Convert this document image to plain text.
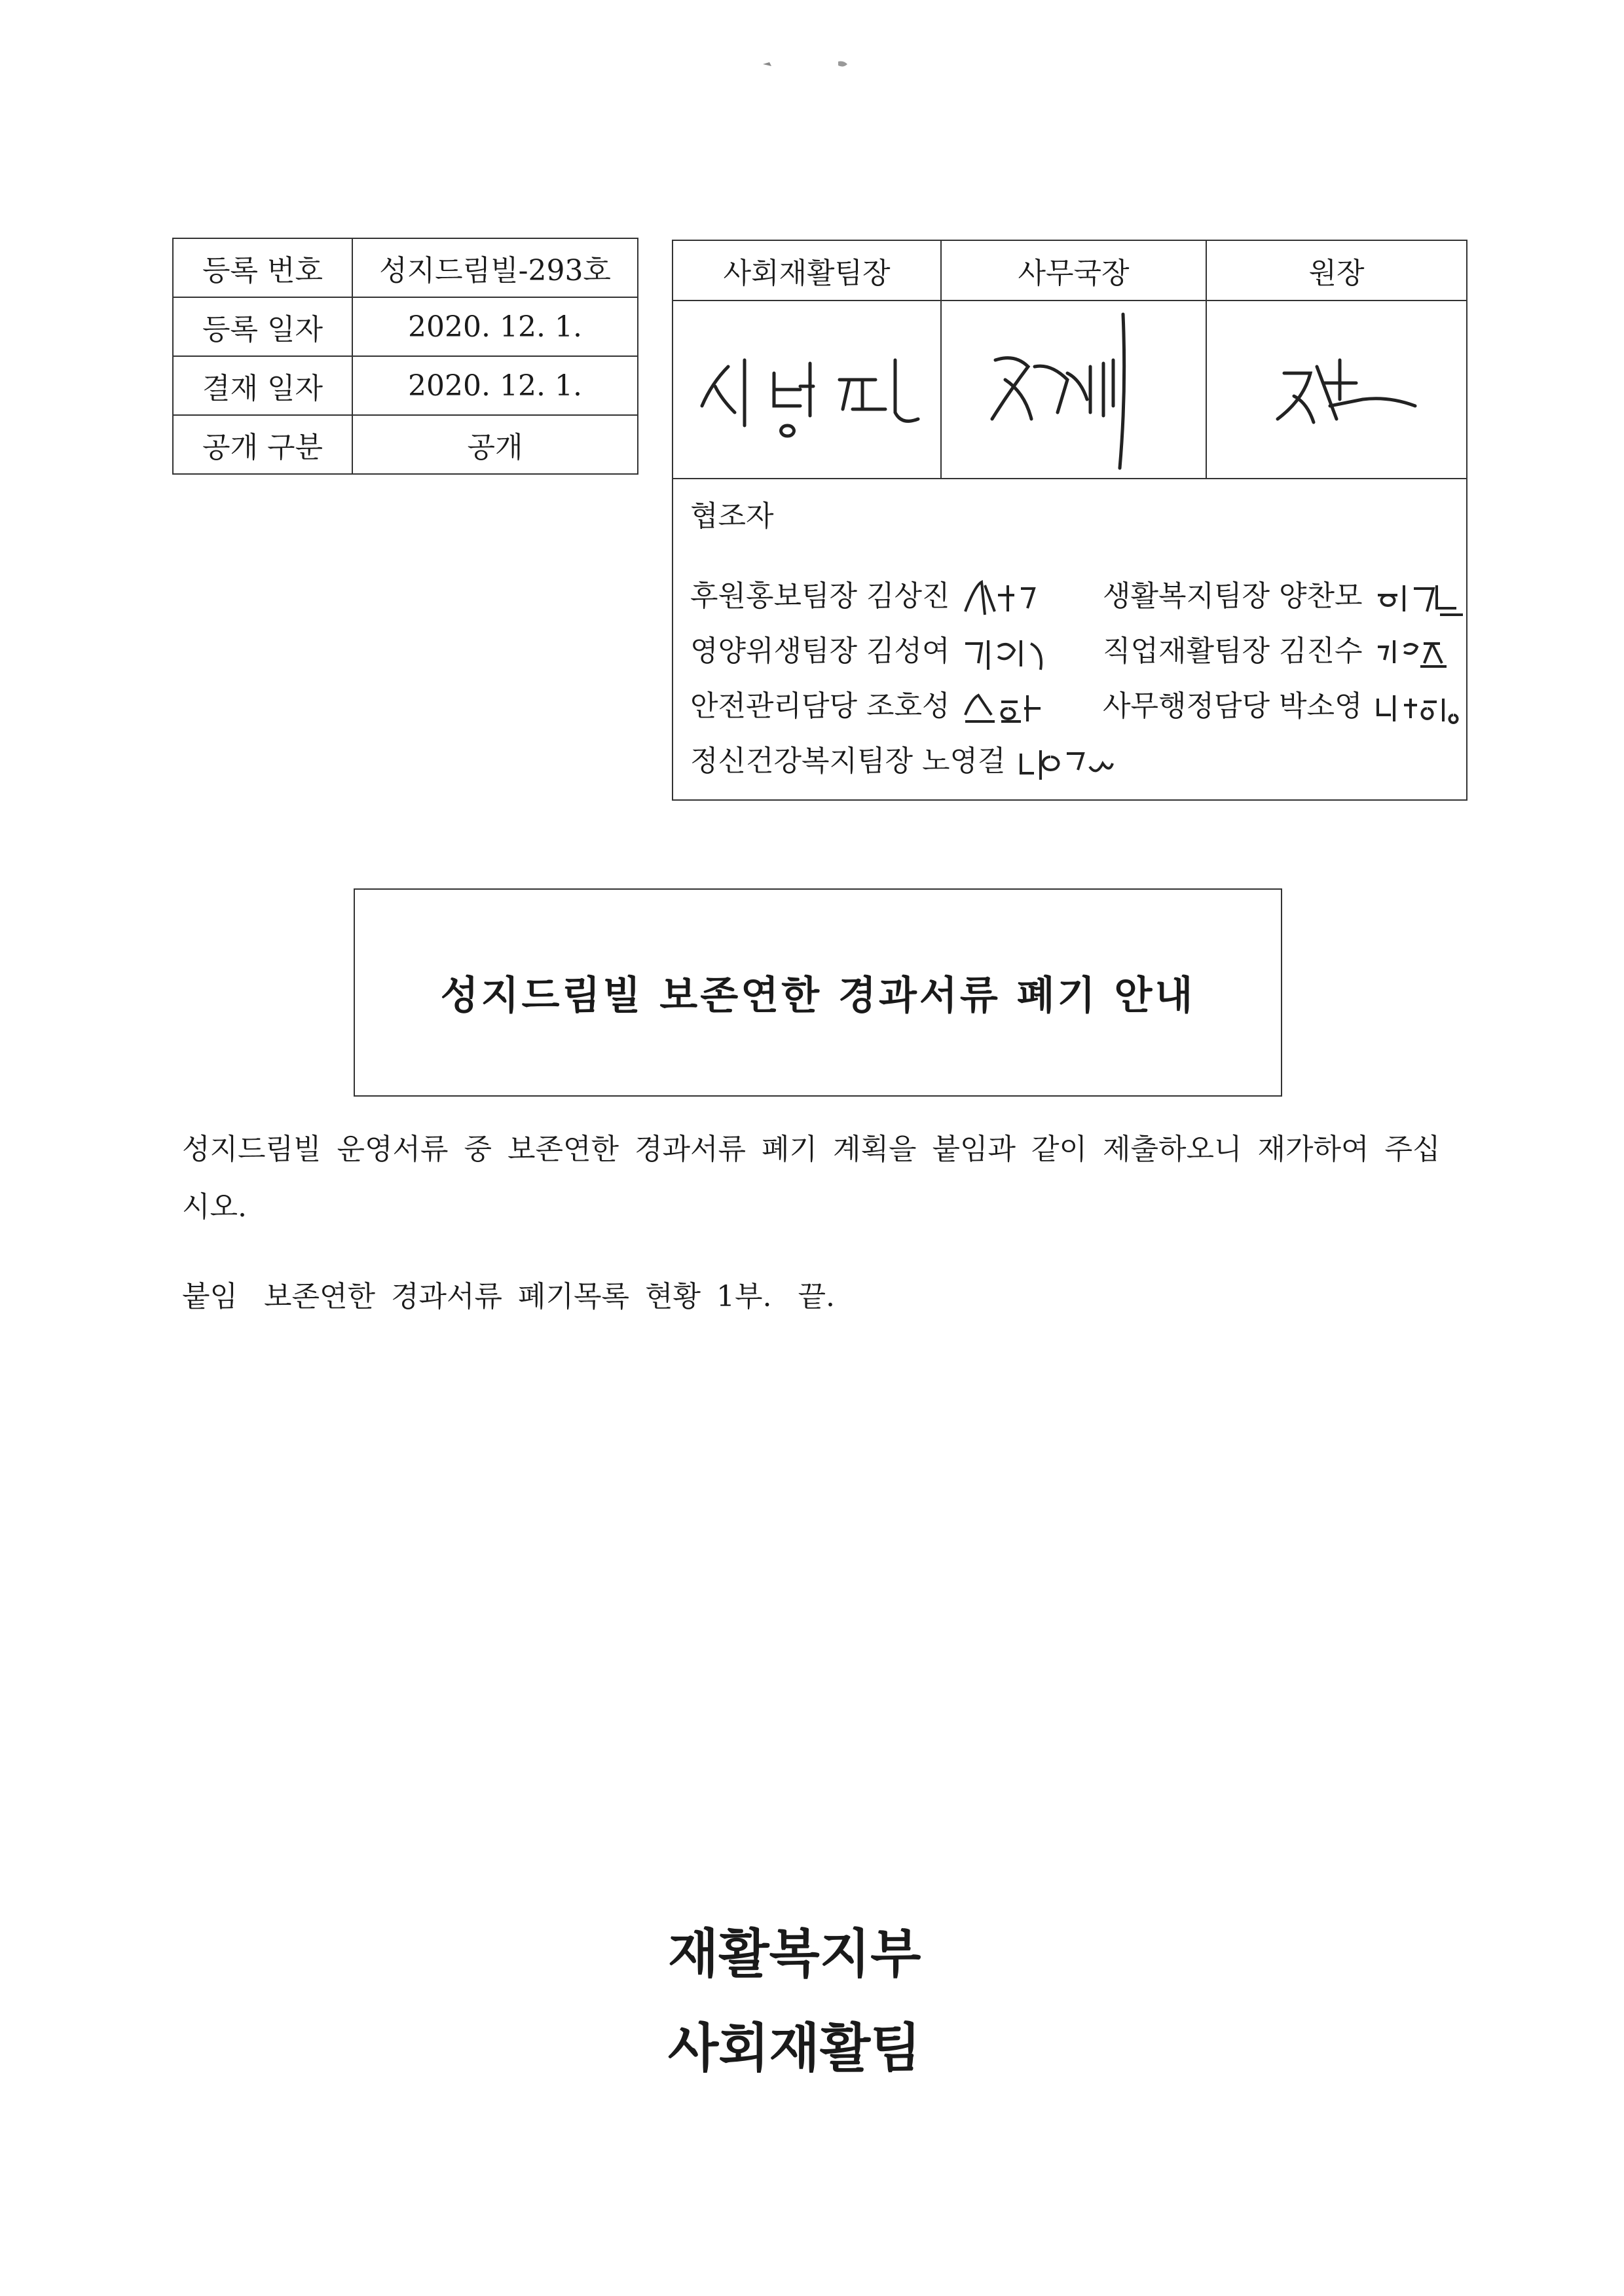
등록 번호	성지드림빌-293호
등록 일자	2020. 12. 1.
결재 일자	2020. 12. 1.
공개 구분	공개
사회재활팀장	사무국장	원장
협조자
후원홍보팀장 김상진	생활복지팀장 양찬모
영양위생팀장 김성여	직업재활팀장 김진수
안전관리담당 조호성	사무행정담당 박소영
정신건강복지팀장 노영걸
성지드림빌 보존연한 경과서류 폐기 안내
성지드림빌 운영서류 중 보존연한 경과서류 폐기 계획을 붙임과 같이 제출하오니 재가하여 주십시오.
붙임 보존연한 경과서류 폐기목록 현황 1부. 끝.
재활복지부
사회재활팀
